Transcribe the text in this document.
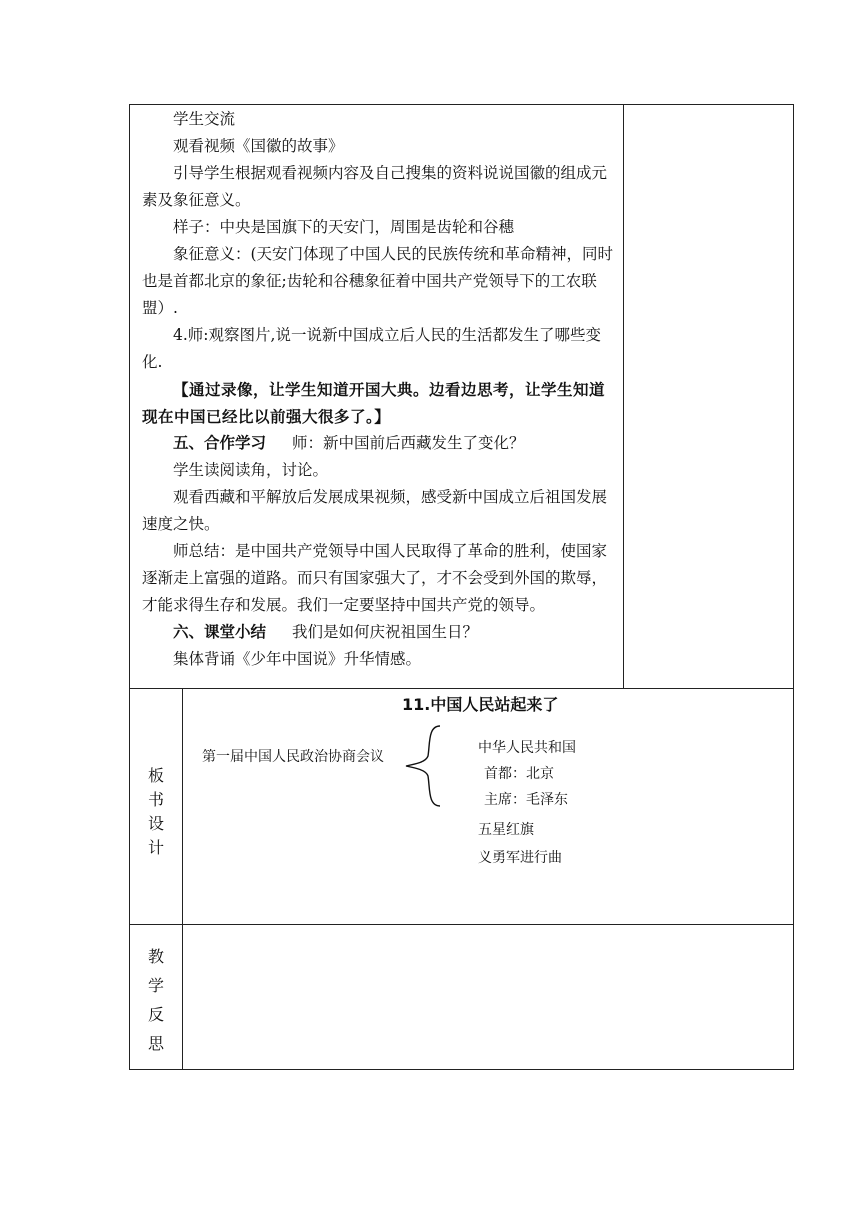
学生交流

观看视频《国徽的故事》

引导学生根据观看视频内容及自己搜集的资料说说国徽的组成元素及象征意义。

样子：中央是国旗下的天安门，周围是齿轮和谷穗

象征意义：(天安门体现了中国人民的民族传统和革命精神，同时也是首都北京的象征;齿轮和谷穗象征着中国共产党领导下的工农联盟）.

4.师:观察图片,说一说新中国成立后人民的生活都发生了哪些变化.

【通过录像，让学生知道开国大典。边看边思考，让学生知道现在中国已经比以前强大很多了。】

五、合作学习 师：新中国前后西藏发生了变化？

学生读阅读角，讨论。

观看西藏和平解放后发展成果视频，感受新中国成立后祖国发展速度之快。

师总结：是中国共产党领导中国人民取得了革命的胜利，使国家逐渐走上富强的道路。而只有国家强大了，才不会受到外国的欺辱，才能求得生存和发展。我们一定要坚持中国共产党的领导。

六、课堂小结 我们是如何庆祝祖国生日？

集体背诵《少年中国说》升华情感。

板
书
设
计
11.中国人民站起来了
第一届中国人民政治协商会议
中华人民共和国
首都：北京
主席：毛泽东
五星红旗
义勇军进行曲
教
学
反
思
